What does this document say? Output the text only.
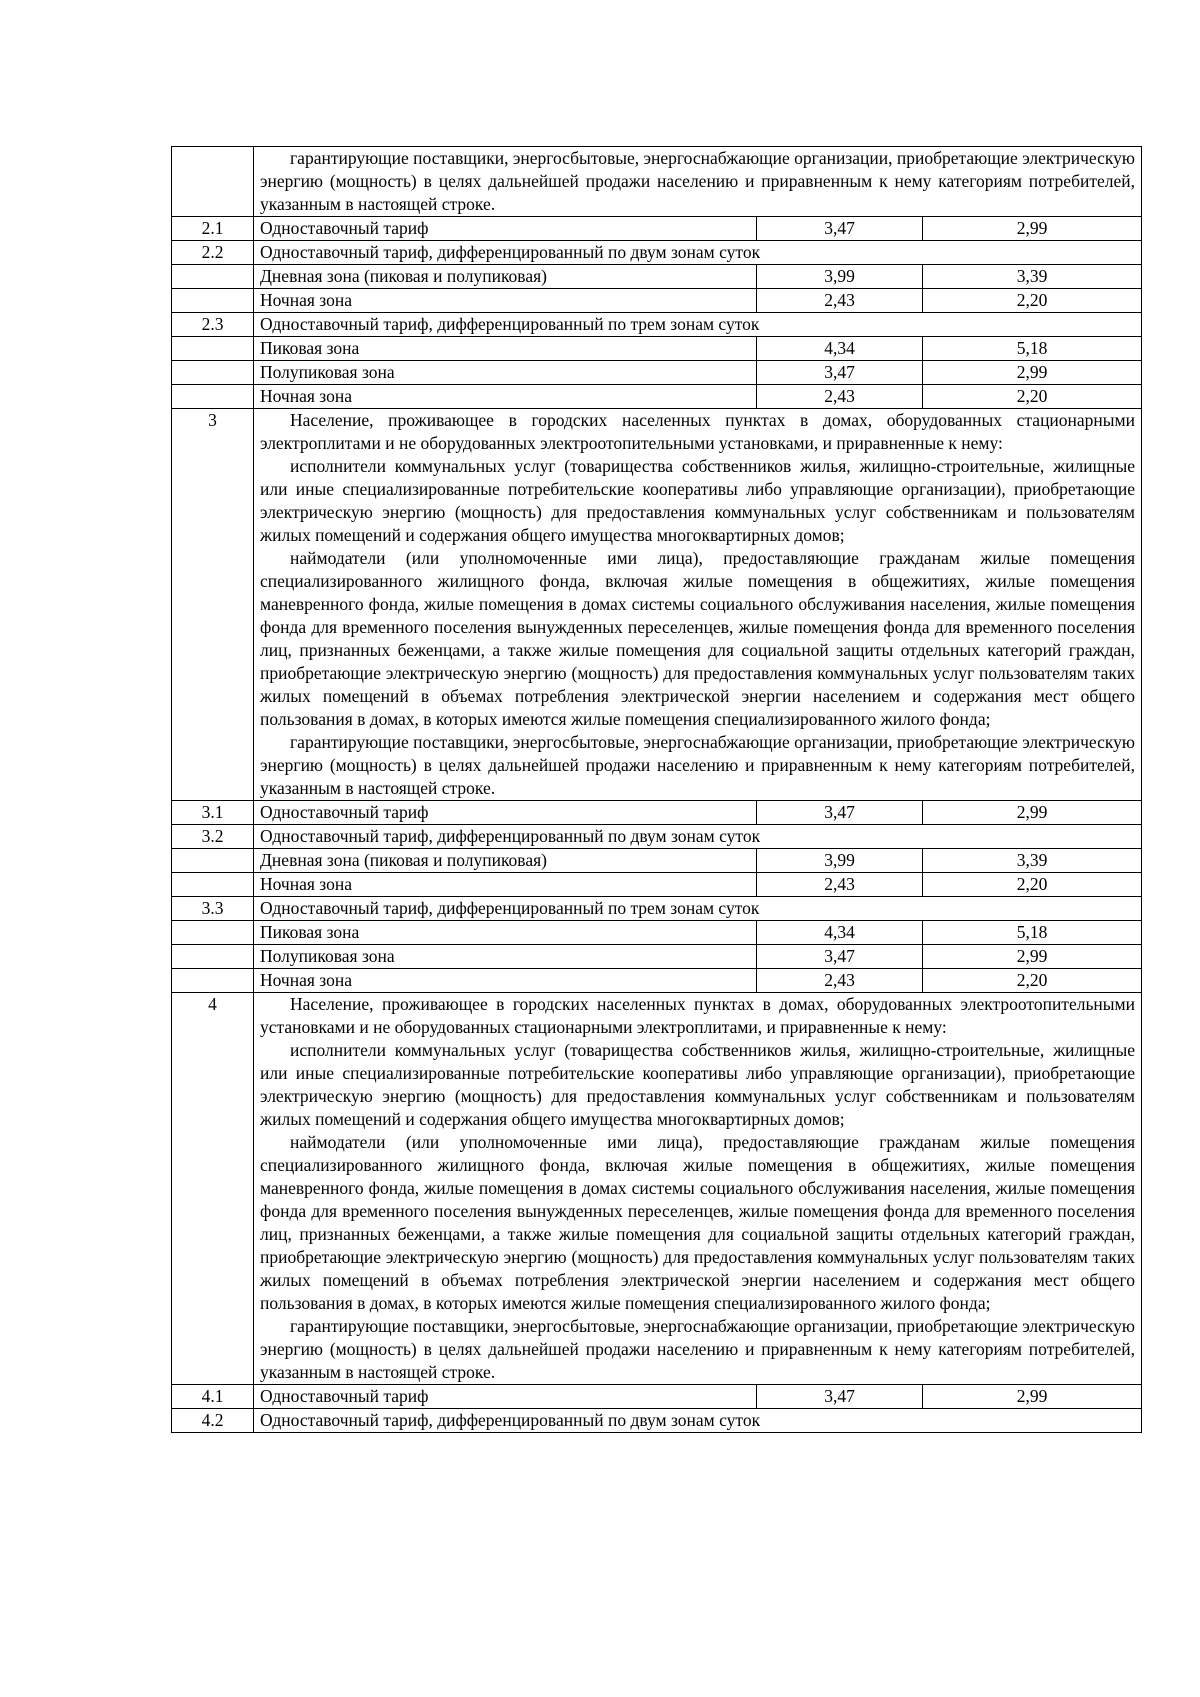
	гарантирующие поставщики, энергосбытовые, энергоснабжающие организации, приобретающие электрическую энергию (мощность) в целях дальнейшей продажи населению и приравненным к нему категориям потребителей, указанным в настоящей строке.		

2.1	Одноставочный тариф	3,47	2,99
2.2	Одноставочный тариф, дифференцированный по двум зонам суток		
	Дневная зона (пиковая и полупиковая)	3,99	3,39
	Ночная зона	2,43	2,20
2.3	Одноставочный тариф, дифференцированный по трем зонам суток		
	Пиковая зона	4,34	5,18
	Полупиковая зона	3,47	2,99
	Ночная зона	2,43	2,20
3	Население, проживающее в городских населенных пунктах в домах, оборудованных стационарными электроплитами и не оборудованных электроотопительными установками, и приравненные к нему:

исполнители коммунальных услуг (товарищества собственников жилья, жилищно-строительные, жилищные или иные специализированные потребительские кооперативы либо управляющие организации), приобретающие электрическую энергию (мощность) для предоставления коммунальных услуг собственникам и пользователям жилых помещений и содержания общего имущества многоквартирных домов;

наймодатели (или уполномоченные ими лица), предоставляющие гражданам жилые помещения специализированного жилищного фонда, включая жилые помещения в общежитиях, жилые помещения маневренного фонда, жилые помещения в домах системы социального обслуживания населения, жилые помещения фонда для временного поселения вынужденных переселенцев, жилые помещения фонда для временного поселения лиц, признанных беженцами, а также жилые помещения для социальной защиты отдельных категорий граждан, приобретающие электрическую энергию (мощность) для предоставления коммунальных услуг пользователям таких жилых помещений в объемах потребления электрической энергии населением и содержания мест общего пользования в домах, в которых имеются жилые помещения специализированного жилого фонда;

гарантирующие поставщики, энергосбытовые, энергоснабжающие организации, приобретающие электрическую энергию (мощность) в целях дальнейшей продажи населению и приравненным к нему категориям потребителей, указанным в настоящей строке.		

3.1	Одноставочный тариф	3,47	2,99
3.2	Одноставочный тариф, дифференцированный по двум зонам суток		
	Дневная зона (пиковая и полупиковая)	3,99	3,39
	Ночная зона	2,43	2,20
3.3	Одноставочный тариф, дифференцированный по трем зонам суток		
	Пиковая зона	4,34	5,18
	Полупиковая зона	3,47	2,99
	Ночная зона	2,43	2,20
4	Население, проживающее в городских населенных пунктах в домах, оборудованных электроотопительными установками и не оборудованных стационарными электроплитами, и приравненные к нему:

исполнители коммунальных услуг (товарищества собственников жилья, жилищно-строительные, жилищные или иные специализированные потребительские кооперативы либо управляющие организации), приобретающие электрическую энергию (мощность) для предоставления коммунальных услуг собственникам и пользователям жилых помещений и содержания общего имущества многоквартирных домов;

наймодатели (или уполномоченные ими лица), предоставляющие гражданам жилые помещения специализированного жилищного фонда, включая жилые помещения в общежитиях, жилые помещения маневренного фонда, жилые помещения в домах системы социального обслуживания населения, жилые помещения фонда для временного поселения вынужденных переселенцев, жилые помещения фонда для временного поселения лиц, признанных беженцами, а также жилые помещения для социальной защиты отдельных категорий граждан, приобретающие электрическую энергию (мощность) для предоставления коммунальных услуг пользователям таких жилых помещений в объемах потребления электрической энергии населением и содержания мест общего пользования в домах, в которых имеются жилые помещения специализированного жилого фонда;

гарантирующие поставщики, энергосбытовые, энергоснабжающие организации, приобретающие электрическую энергию (мощность) в целях дальнейшей продажи населению и приравненным к нему категориям потребителей, указанным в настоящей строке.		

4.1	Одноставочный тариф	3,47	2,99
4.2	Одноставочный тариф, дифференцированный по двум зонам суток		
